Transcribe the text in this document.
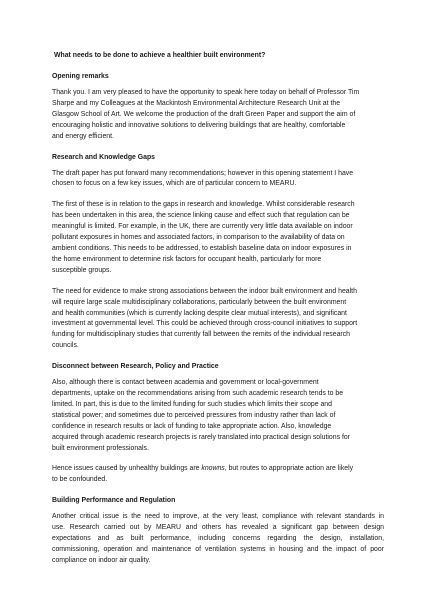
What needs to be done to achieve a healthier built environment?
Opening remarks
Thank you. I am very pleased to have the opportunity to speak here today on behalf of Professor Tim
Sharpe and my Colleagues at the Mackintosh Environmental Architecture Research Unit at the
Glasgow School of Art. We welcome the production of the draft Green Paper and support the aim of
encouraging holistic and innovative solutions to delivering buildings that are healthy, comfortable
and energy efficient.
Research and Knowledge Gaps
The draft paper has put forward many recommendations; however in this opening statement I have
chosen to focus on a few key issues, which are of particular concern to MEARU.
The first of these is in relation to the gaps in research and knowledge. Whilst considerable research
has been undertaken in this area, the science linking cause and effect such that regulation can be
meaningful is limited. For example, in the UK, there are currently very little data available on indoor
pollutant exposures in homes and associated factors, in comparison to the availability of data on
ambient conditions. This needs to be addressed, to establish baseline data on indoor exposures in
the home environment to determine risk factors for occupant health, particularly for more
susceptible groups.
The need for evidence to make strong associations between the indoor built environment and health
will require large scale multidisciplinary collaborations, particularly between the built environment
and health communities (which is currently lacking despite clear mutual interests), and significant
investment at governmental level. This could be achieved through cross-council initiatives to support
funding for multidisciplinary studies that currently fall between the remits of the individual research
councils.
Disconnect between Research, Policy and Practice
Also, although there is contact between academia and government or local-government
departments, uptake on the recommendations arising from such academic research tends to be
limited. In part, this is due to the limited funding for such studies which limits their scope and
statistical power; and sometimes due to perceived pressures from industry rather than lack of
confidence in research results or lack of funding to take appropriate action. Also, knowledge
acquired through academic research projects is rarely translated into practical design solutions for
built environment professionals.
Hence issues caused by unhealthy buildings are knowns, but routes to appropriate action are likely
to be confounded.
Building Performance and Regulation
Another critical issue is the need to improve, at the very least, compliance with relevant standards in
use. Research carried out by MEARU and others has revealed a significant gap between design
expectations and as built performance, including concerns regarding the design, installation,
commissioning, operation and maintenance of ventilation systems in housing and the impact of poor
compliance on indoor air quality.
